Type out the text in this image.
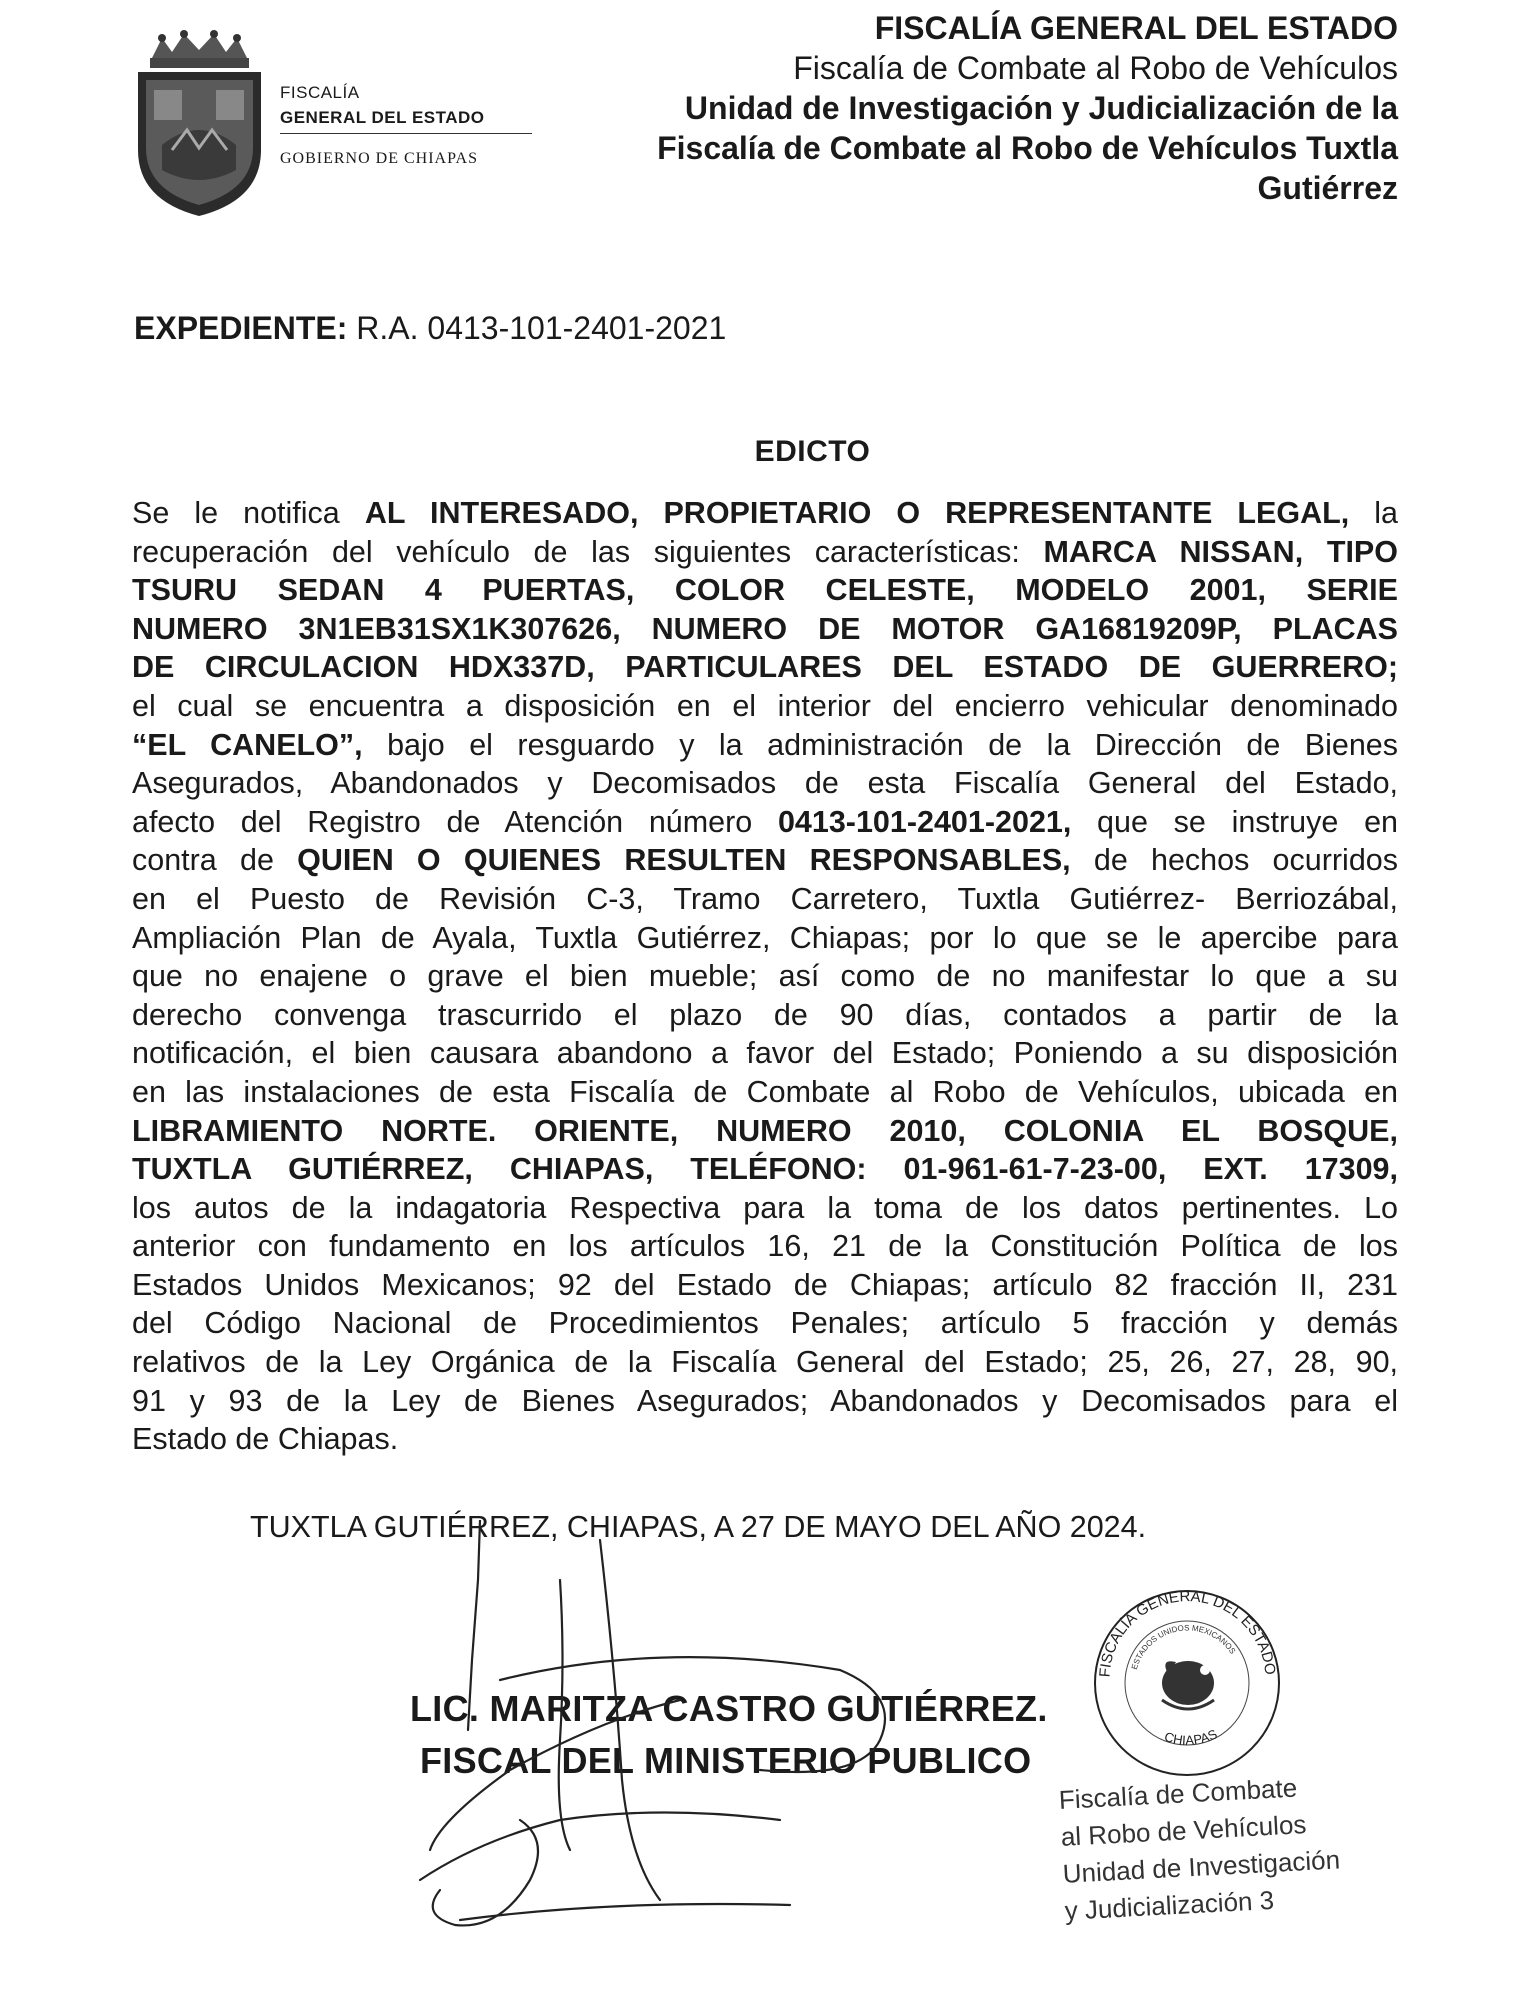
FISCALÍA
GENERAL DEL ESTADO
GOBIERNO DE CHIAPAS
FISCALÍA GENERAL DEL ESTADO
Fiscalía de Combate al Robo de Vehículos
Unidad de Investigación y Judicialización de la
Fiscalía de Combate al Robo de Vehículos Tuxtla
Gutiérrez
EXPEDIENTE: R.A. 0413-101-2401-2021
EDICTO
Se le notifica AL INTERESADO, PROPIETARIO O REPRESENTANTE LEGAL, la
recuperación del vehículo de las siguientes características: MARCA NISSAN, TIPO
TSURU SEDAN 4 PUERTAS, COLOR CELESTE, MODELO 2001, SERIE
NUMERO 3N1EB31SX1K307626, NUMERO DE MOTOR GA16819209P, PLACAS
DE CIRCULACION HDX337D, PARTICULARES DEL ESTADO DE GUERRERO;
el cual se encuentra a disposición en el interior del encierro vehicular denominado
“EL CANELO”, bajo el resguardo y la administración de la Dirección de Bienes
Asegurados, Abandonados y Decomisados de esta Fiscalía General del Estado,
afecto del Registro de Atención número 0413-101-2401-2021, que se instruye en
contra de QUIEN O QUIENES RESULTEN RESPONSABLES, de hechos ocurridos
en el Puesto de Revisión C-3, Tramo Carretero, Tuxtla Gutiérrez- Berriozábal,
Ampliación Plan de Ayala, Tuxtla Gutiérrez, Chiapas; por lo que se le apercibe para
que no enajene o grave el bien mueble; así como de no manifestar lo que a su
derecho convenga trascurrido el plazo de 90 días, contados a partir de la
notificación, el bien causara abandono a favor del Estado; Poniendo a su disposición
en las instalaciones de esta Fiscalía de Combate al Robo de Vehículos, ubicada en
LIBRAMIENTO NORTE. ORIENTE, NUMERO 2010, COLONIA EL BOSQUE,
TUXTLA GUTIÉRREZ, CHIAPAS, TELÉFONO: 01-961-61-7-23-00, EXT. 17309,
los autos de la indagatoria Respectiva para la toma de los datos pertinentes. Lo
anterior con fundamento en los artículos 16, 21 de la Constitución Política de los
Estados Unidos Mexicanos; 92 del Estado de Chiapas; artículo 82 fracción II, 231
del Código Nacional de Procedimientos Penales; artículo 5 fracción y demás
relativos de la Ley Orgánica de la Fiscalía General del Estado; 25, 26, 27, 28, 90,
91 y 93 de la Ley de Bienes Asegurados; Abandonados y Decomisados para el
Estado de Chiapas.
TUXTLA GUTIÉRREZ, CHIAPAS, A 27 DE MAYO DEL AÑO 2024.
LIC. MARITZA CASTRO GUTIÉRREZ.
FISCAL DEL MINISTERIO PUBLICO
FISCALÍA GENERAL DEL ESTADO
ESTADOS UNIDOS MEXICANOS
CHIAPAS
Fiscalía de Combate
al Robo de Vehículos
Unidad de Investigación
y Judicialización 3
